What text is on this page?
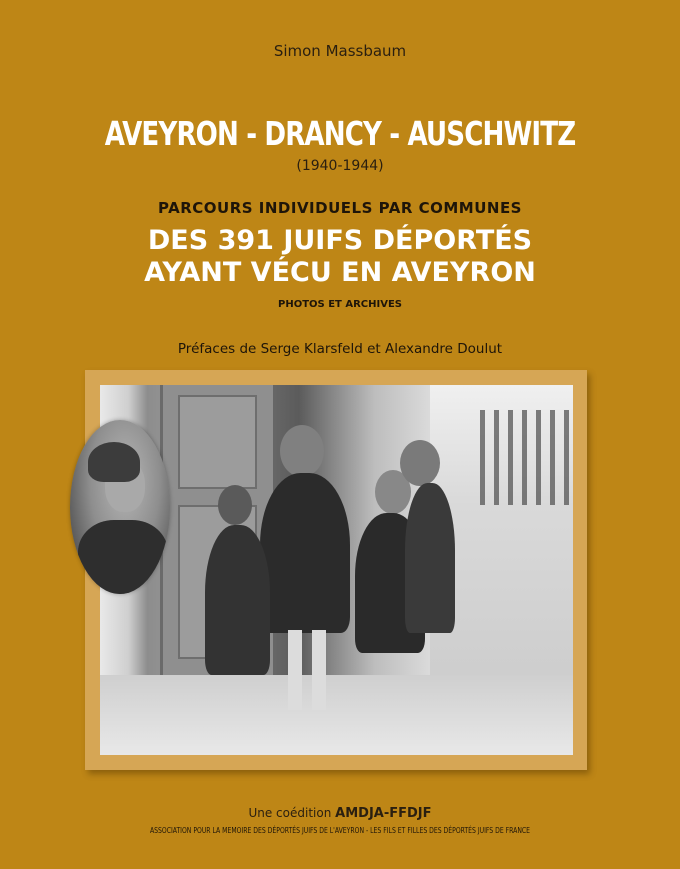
Simon Massbaum
AVEYRON - DRANCY - AUSCHWITZ
(1940-1944)
PARCOURS INDIVIDUELS PAR COMMUNES
DES 391 JUIFS DÉPORTÉS
AYANT VÉCU EN AVEYRON
PHOTOS ET ARCHIVES
Préfaces de Serge Klarsfeld et Alexandre Doulut
Une coédition AMDJA-FFDJF
ASSOCIATION POUR LA MEMOIRE DES DÉPORTÉS JUIFS DE L'AVEYRON - LES FILS ET FILLES DES DÉPORTÉS JUIFS DE FRANCE
